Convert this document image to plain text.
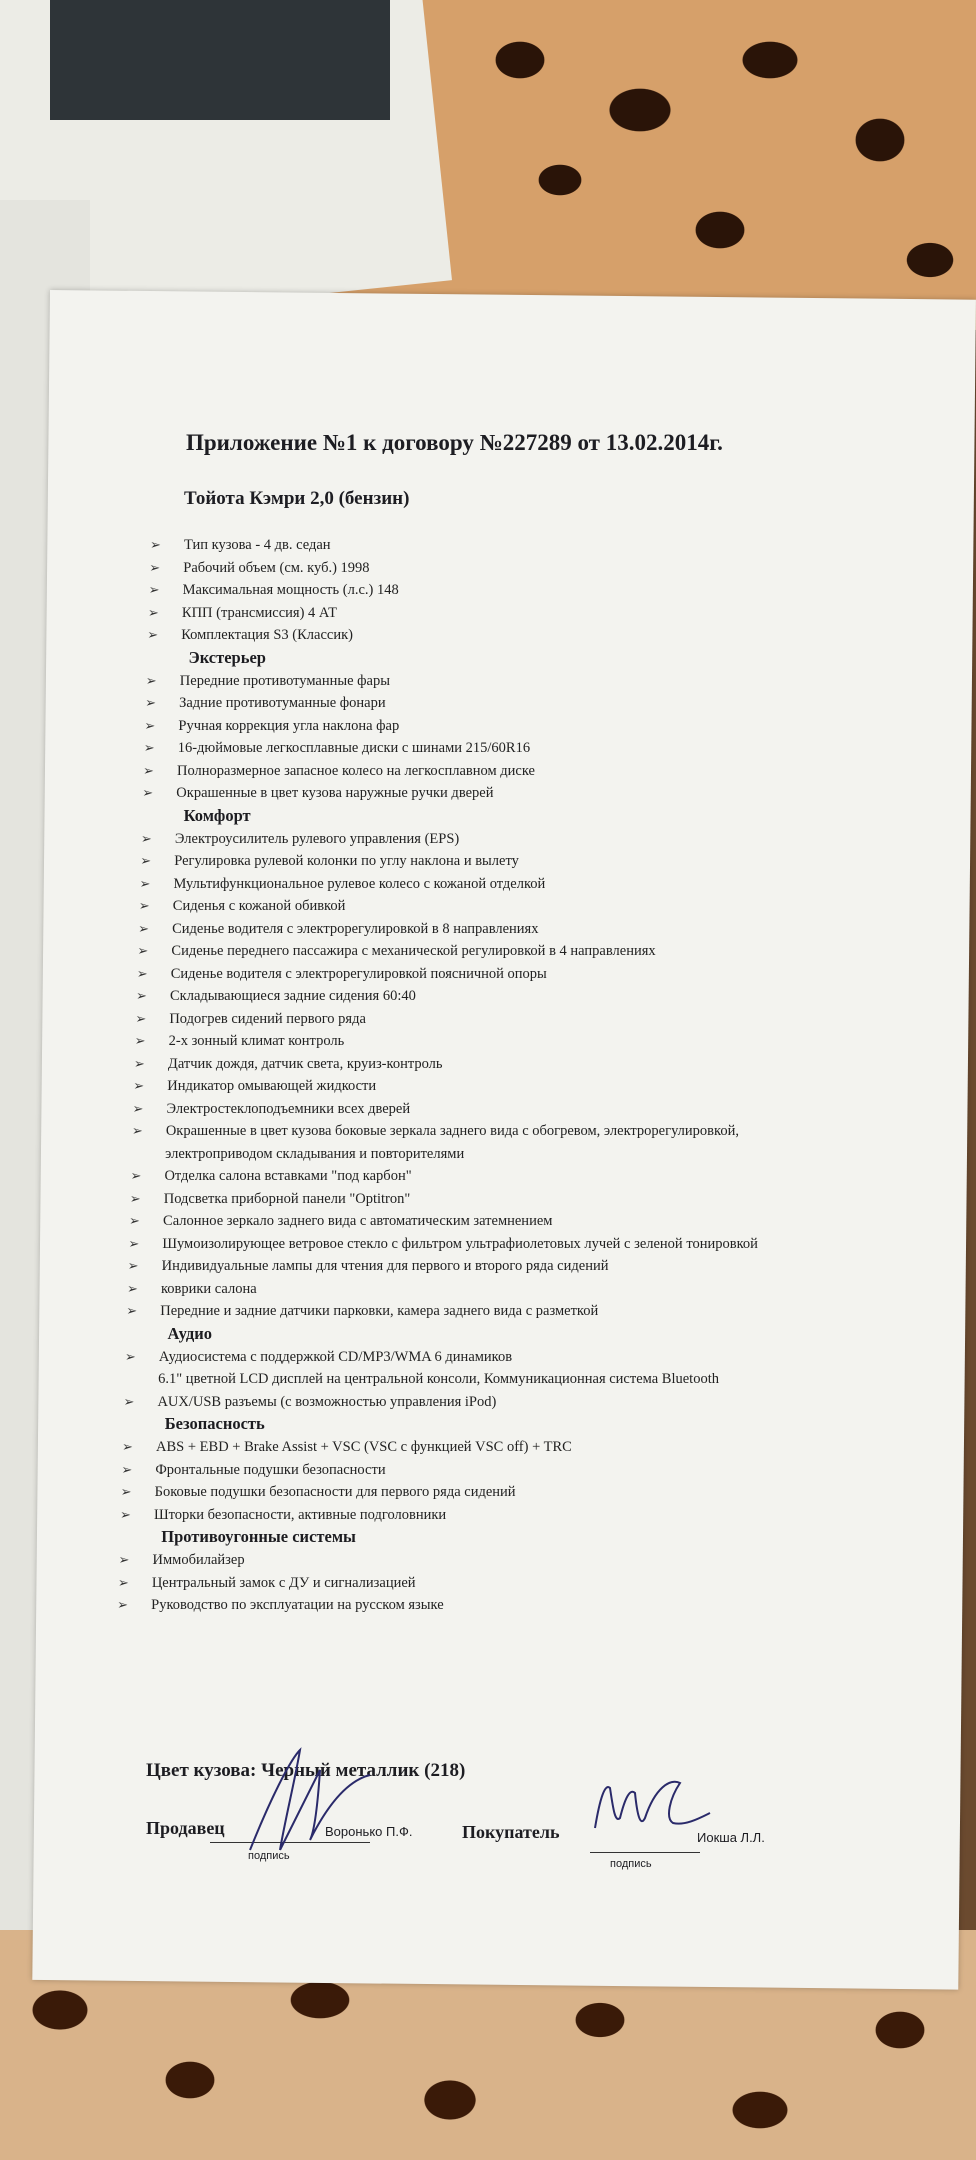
Приложение №1 к договору №227289 от 13.02.2014г.
Тойота Кэмри 2,0 (бензин)
➢ Тип кузова - 4 дв. седан
➢ Рабочий объем (см. куб.) 1998
➢ Максимальная мощность (л.с.) 148
➢ КПП (трансмиссия) 4 АТ
➢ Комплектация S3 (Классик)
Экстерьер
➢ Передние противотуманные фары
➢ Задние противотуманные фонари
➢ Ручная коррекция угла наклона фар
➢ 16-дюймовые легкосплавные диски с шинами 215/60R16
➢ Полноразмерное запасное колесо на легкосплавном диске
➢ Окрашенные в цвет кузова наружные ручки дверей
Комфорт
➢ Электроусилитель рулевого управления (EPS)
➢ Регулировка рулевой колонки по углу наклона и вылету
➢ Мультифункциональное рулевое колесо с кожаной отделкой
➢ Сиденья с кожаной обивкой
➢ Сиденье водителя с электрорегулировкой в 8 направлениях
➢ Сиденье переднего пассажира с механической регулировкой в 4 направлениях
➢ Сиденье водителя с электрорегулировкой поясничной опоры
➢ Складывающиеся задние сидения 60:40
➢ Подогрев сидений первого ряда
➢ 2-х зонный климат контроль
➢ Датчик дождя, датчик света, круиз-контроль
➢ Индикатор омывающей жидкости
➢ Электростеклоподъемники всех дверей
➢ Окрашенные в цвет кузова боковые зеркала заднего вида с обогревом, электрорегулировкой,
электроприводом складывания и повторителями
➢ Отделка салона вставками "под карбон"
➢ Подсветка приборной панели "Optitron"
➢ Салонное зеркало заднего вида с автоматическим затемнением
➢ Шумоизолирующее ветровое стекло с фильтром ультрафиолетовых лучей с зеленой тонировкой
➢ Индивидуальные лампы для чтения для первого и второго ряда сидений
➢ коврики салона
➢ Передние и задние датчики парковки, камера заднего вида с разметкой
Аудио
➢ Аудиосистема с поддержкой CD/MP3/WMA 6 динамиков
6.1" цветной LCD дисплей на центральной консоли, Коммуникационная система Bluetooth
➢ AUX/USB разъемы (с возможностью управления iPod)
Безопасность
➢ ABS + EBD + Brake Assist + VSC (VSC с функцией VSC off) + TRC
➢ Фронтальные подушки безопасности
➢ Боковые подушки безопасности для первого ряда сидений
➢ Шторки безопасности, активные подголовники
Противоугонные системы
➢ Иммобилайзер
➢ Центральный замок с ДУ и сигнализацией
➢ Руководство по эксплуатации на русском языке
Цвет кузова: Черный металлик (218)
Продавец	Воронько П.Ф.
подпись
Покупатель	Иокша Л.Л.
подпись
